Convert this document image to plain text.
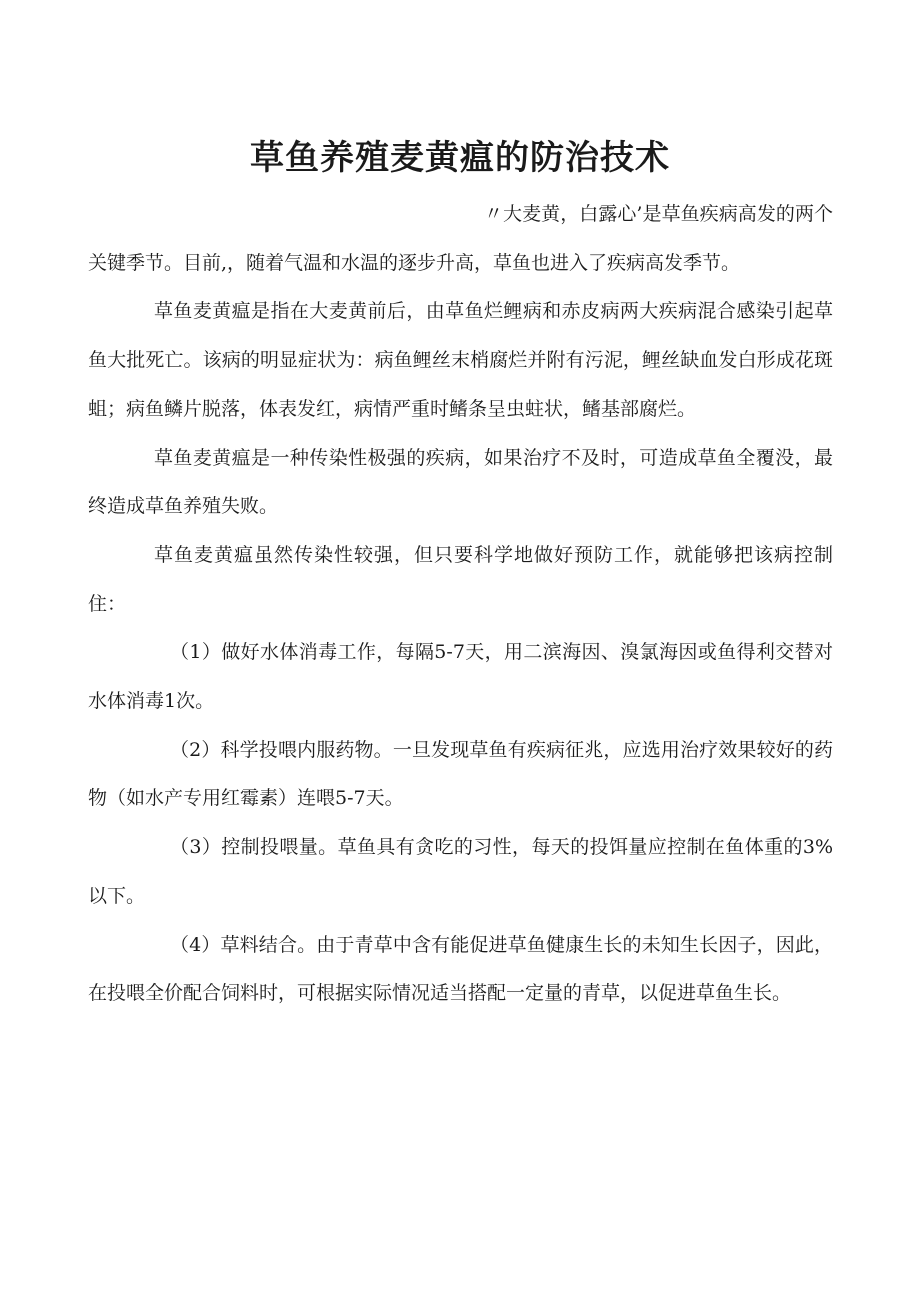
草鱼养殖麦黄瘟的防治技术

〃大麦黄，白露心’是草鱼疾病高发的两个关键季节。目前,，随着气温和水温的逐步升高，草鱼也进入了疾病高发季节。

草鱼麦黄瘟是指在大麦黄前后，由草鱼烂鲤病和赤皮病两大疾病混合感染引起草鱼大批死亡。该病的明显症状为：病鱼鲤丝末梢腐烂并附有污泥，鲤丝缺血发白形成花斑蛆；病鱼鳞片脱落，体表发红，病情严重时鳍条呈虫蛀状，鳍基部腐烂。

草鱼麦黄瘟是一种传染性极强的疾病，如果治疗不及时，可造成草鱼全覆没，最终造成草鱼养殖失败。

草鱼麦黄瘟虽然传染性较强，但只要科学地做好预防工作，就能够把该病控制住：

（1）做好水体消毒工作，每隔5-7天，用二滨海因、溴氯海因或鱼得利交替对水体消毒1次。

（2）科学投喂内服药物。一旦发现草鱼有疾病征兆，应选用治疗效果较好的药物（如水产专用红霉素）连喂5-7天。

（3）控制投喂量。草鱼具有贪吃的习性，每天的投饵量应控制在鱼体重的3%以下。

（4）草料结合。由于青草中含有能促进草鱼健康生长的未知生长因子，因此，在投喂全价配合饲料时，可根据实际情况适当搭配一定量的青草，以促进草鱼生长。
